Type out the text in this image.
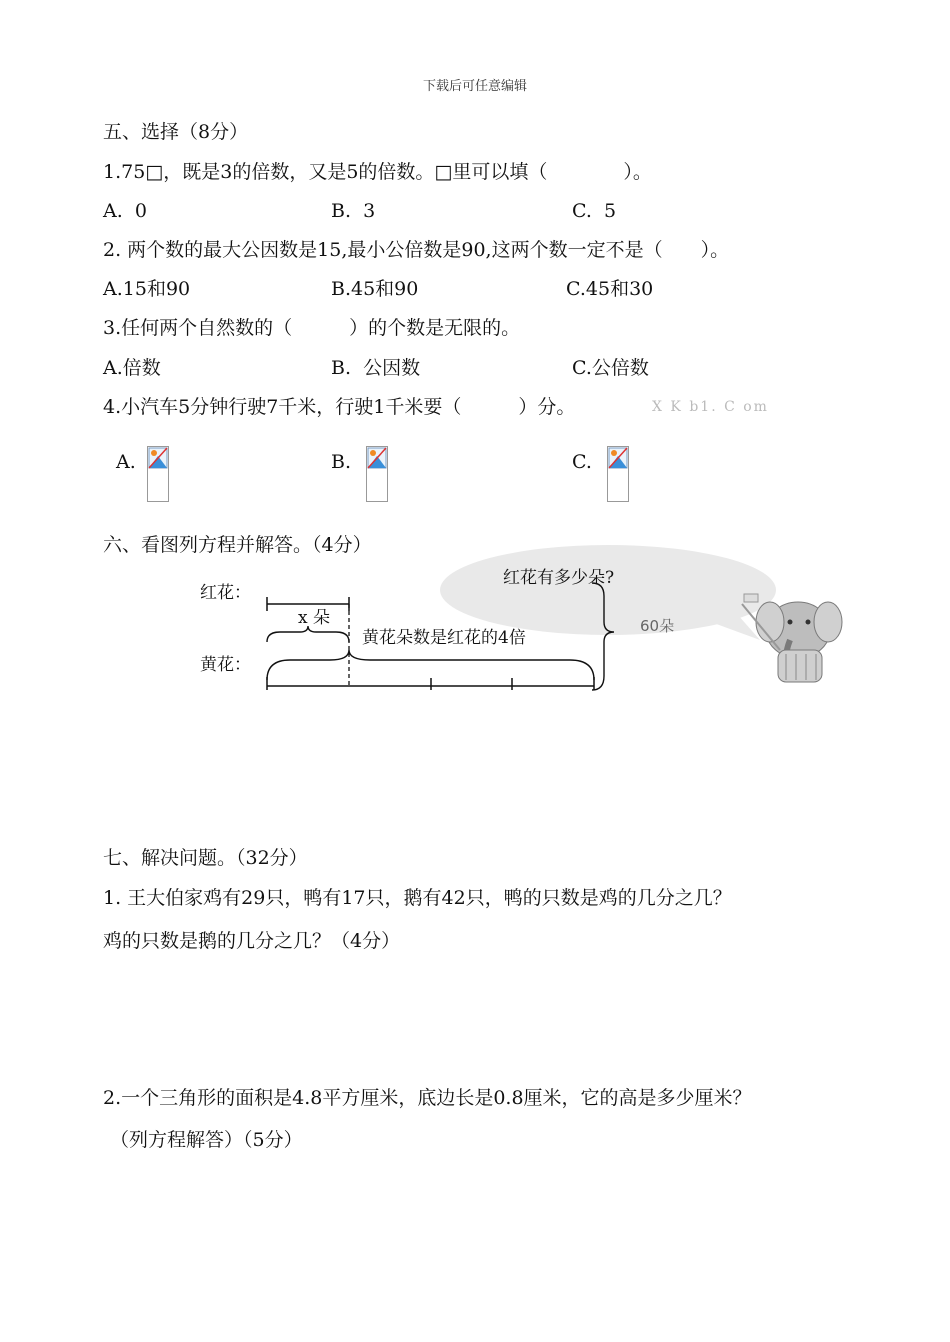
下载后可任意编辑
五、选择（8分）
1.75□，既是3的倍数，又是5的倍数。□里可以填（　　　　）。
A.  0	B.  3	C.  5
2. 两个数的最大公因数是15,最小公倍数是90,这两个数一定不是（　　）。
A.15和90	B.45和90	C.45和30
3.任何两个自然数的（　　　）的个数是无限的。
A.倍数	B.  公因数	C.公倍数
4.小汽车5分钟行驶7千米，行驶1千米要（　　　）分。	X K b1. C om
A.	B.	C.
六、看图列方程并解答。（4分）
红花有多少朵?
60朵
红花：
黄花：
x 朵
黄花朵数是红花的4倍
七、解决问题。（32分）
1. 王大伯家鸡有29只，鸭有17只，鹅有42只，鸭的只数是鸡的几分之几？
鸡的只数是鹅的几分之几？（4分）
2.一个三角形的面积是4.8平方厘米，底边长是0.8厘米，它的高是多少厘米？
（列方程解答）（5分）
